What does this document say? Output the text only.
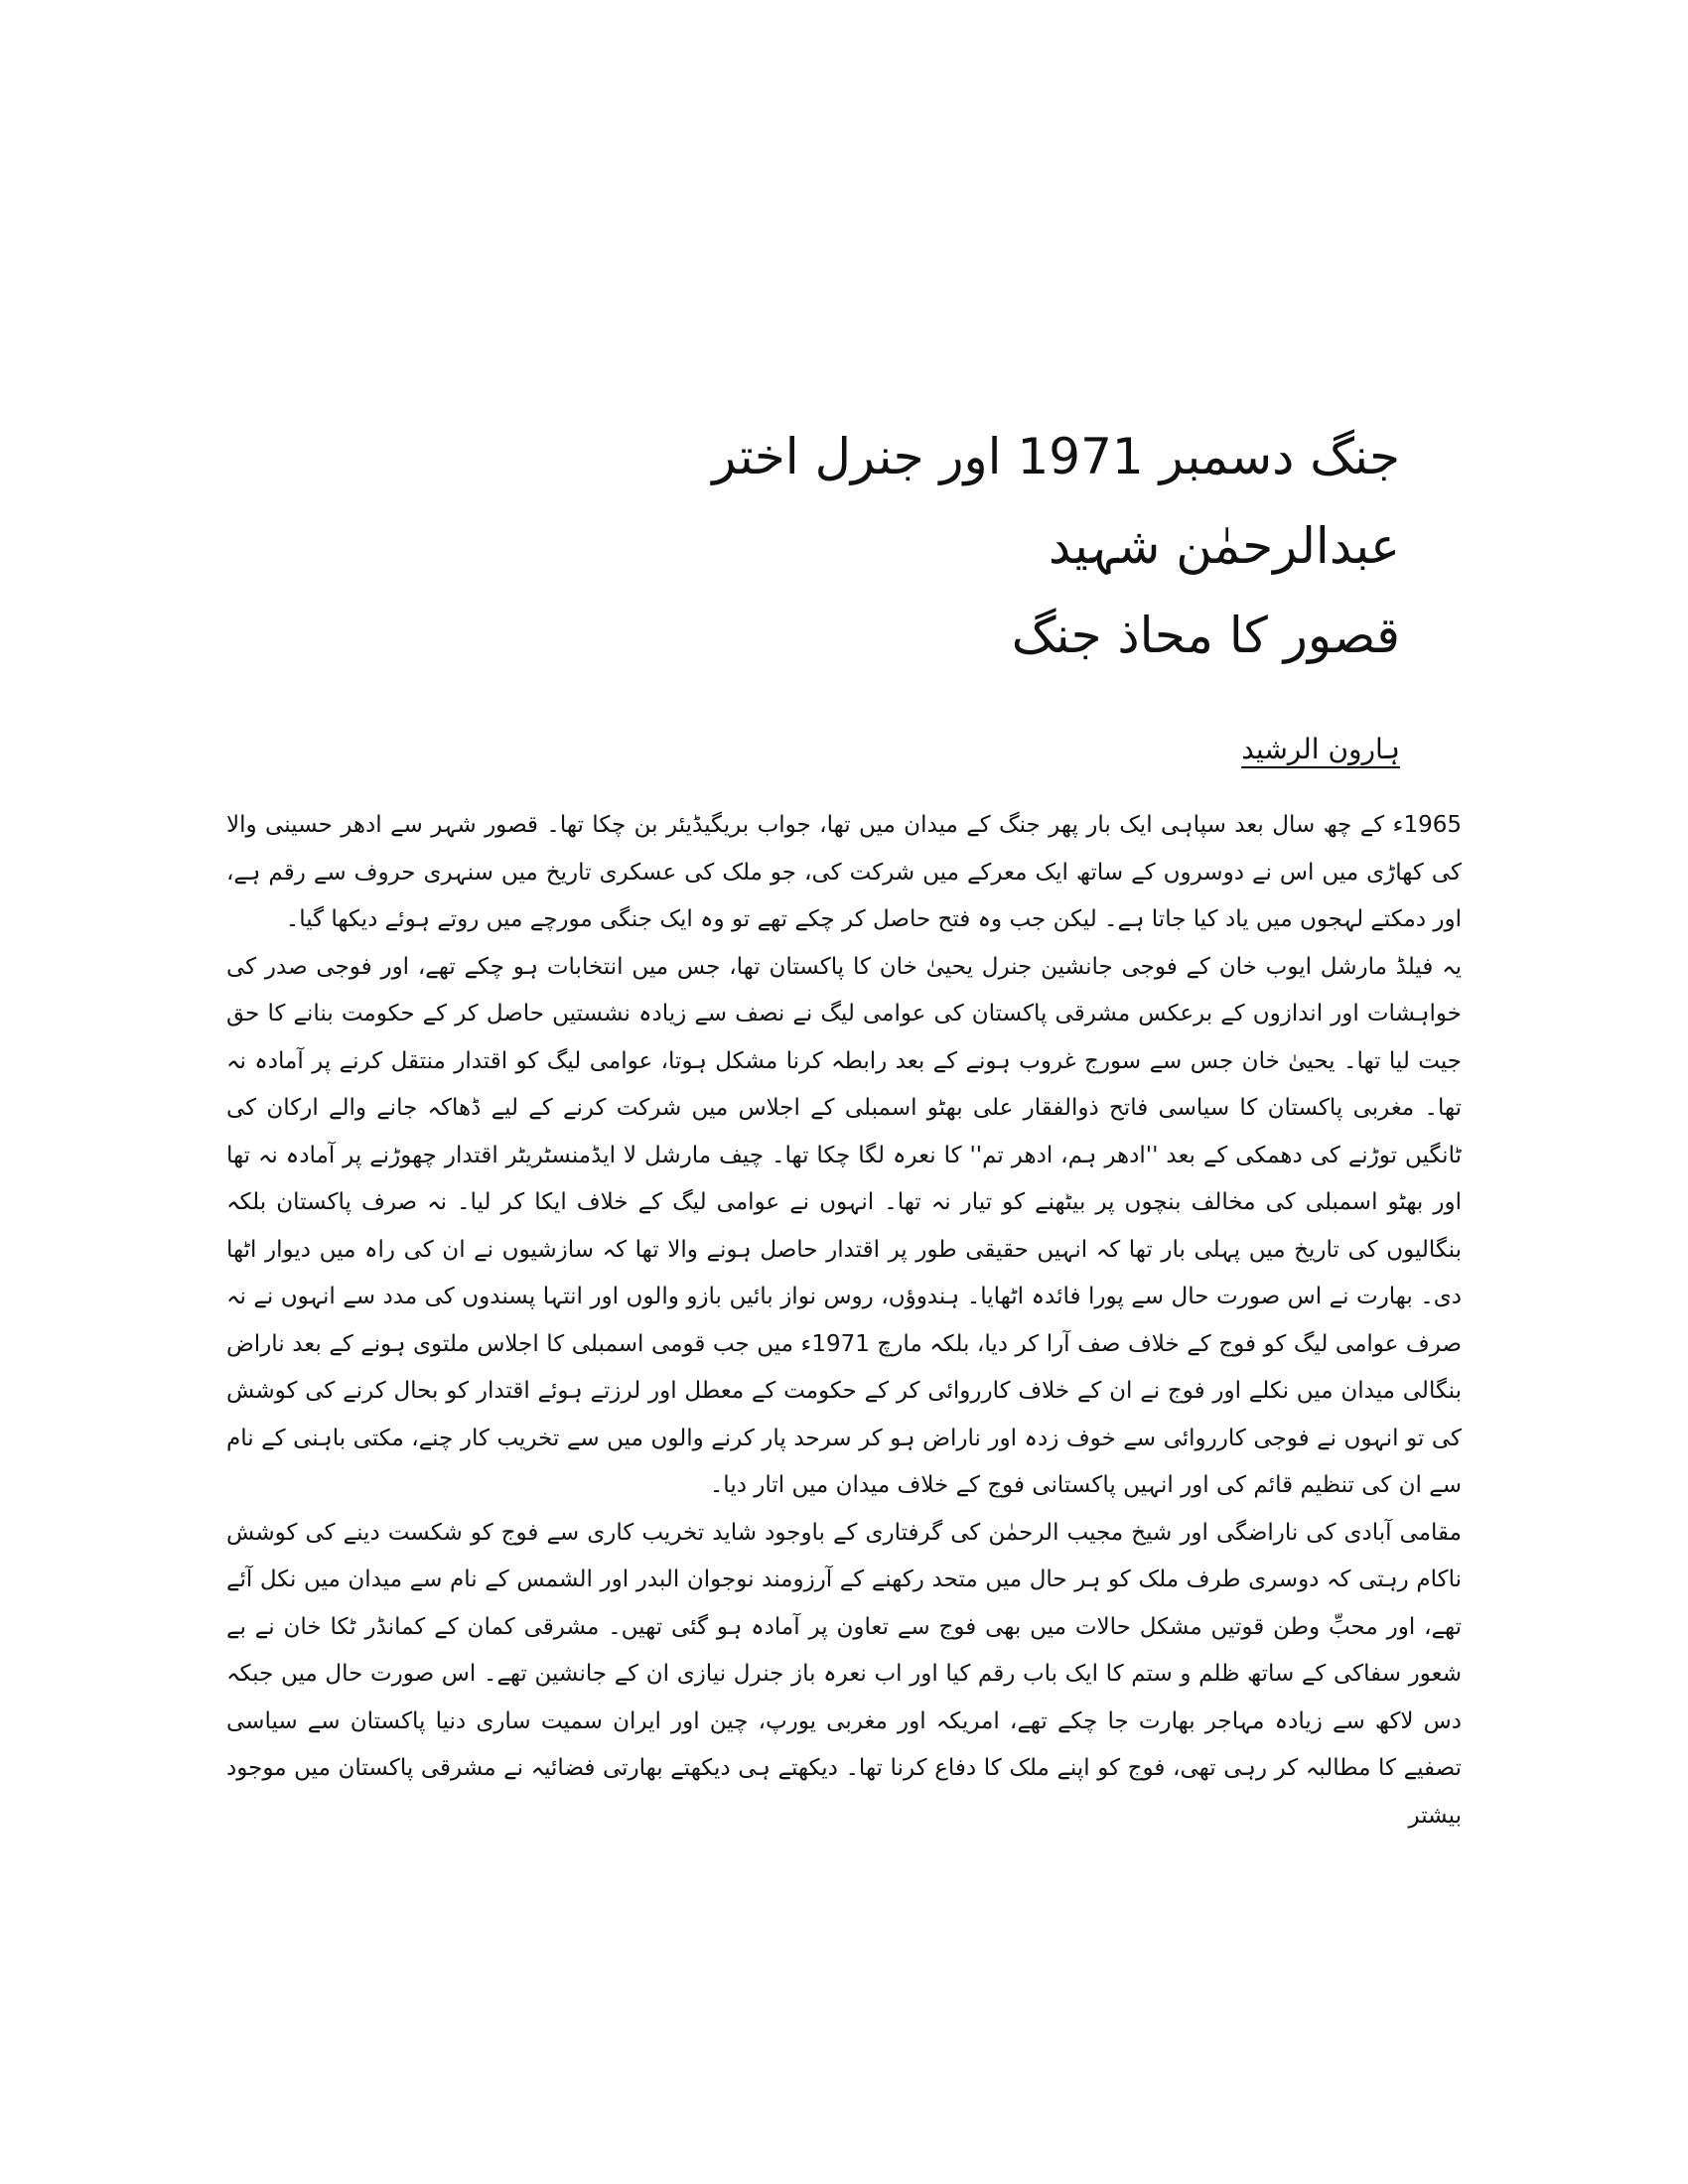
جنگ دسمبر 1971 اور جنرل اختر عبدالرحمٰن شہید
قصور کا محاذ جنگ
ہارون الرشید

1965ء کے چھ سال بعد سپاہی ایک بار پھر جنگ کے میدان میں تھا، جواب بریگیڈیئر بن چکا تھا۔ قصور شہر سے ادھر حسینی والا کی کھاڑی میں اس نے دوسروں کے ساتھ ایک معرکے میں شرکت کی، جو ملک کی عسکری تاریخ میں سنہری حروف سے رقم ہے، اور دمکتے لہجوں میں یاد کیا جاتا ہے۔ لیکن جب وہ فتح حاصل کر چکے تھے تو وہ ایک جنگی مورچے میں روتے ہوئے دیکھا گیا۔

یہ فیلڈ مارشل ایوب خان کے فوجی جانشین جنرل یحییٰ خان کا پاکستان تھا، جس میں انتخابات ہو چکے تھے، اور فوجی صدر کی خواہشات اور اندازوں کے برعکس مشرقی پاکستان کی عوامی لیگ نے نصف سے زیادہ نشستیں حاصل کر کے حکومت بنانے کا حق جیت لیا تھا۔ یحییٰ خان جس سے سورج غروب ہونے کے بعد رابطہ کرنا مشکل ہوتا، عوامی لیگ کو اقتدار منتقل کرنے پر آمادہ نہ تھا۔ مغربی پاکستان کا سیاسی فاتح ذوالفقار علی بھٹو اسمبلی کے اجلاس میں شرکت کرنے کے لیے ڈھاکہ جانے والے ارکان کی ٹانگیں توڑنے کی دھمکی کے بعد ''ادھر ہم، ادھر تم'' کا نعرہ لگا چکا تھا۔ چیف مارشل لا ایڈمنسٹریٹر اقتدار چھوڑنے پر آمادہ نہ تھا اور بھٹو اسمبلی کی مخالف بنچوں پر بیٹھنے کو تیار نہ تھا۔ انہوں نے عوامی لیگ کے خلاف ایکا کر لیا۔ نہ صرف پاکستان بلکہ بنگالیوں کی تاریخ میں پہلی بار تھا کہ انہیں حقیقی طور پر اقتدار حاصل ہونے والا تھا کہ سازشیوں نے ان کی راہ میں دیوار اٹھا دی۔ بھارت نے اس صورت حال سے پورا فائدہ اٹھایا۔ ہندوؤں، روس نواز بائیں بازو والوں اور انتہا پسندوں کی مدد سے انہوں نے نہ صرف عوامی لیگ کو فوج کے خلاف صف آرا کر دیا، بلکہ مارچ 1971ء میں جب قومی اسمبلی کا اجلاس ملتوی ہونے کے بعد ناراض بنگالی میدان میں نکلے اور فوج نے ان کے خلاف کارروائی کر کے حکومت کے معطل اور لرزتے ہوئے اقتدار کو بحال کرنے کی کوشش کی تو انہوں نے فوجی کارروائی سے خوف زدہ اور ناراض ہو کر سرحد پار کرنے والوں میں سے تخریب کار چنے، مکتی باہنی کے نام سے ان کی تنظیم قائم کی اور انہیں پاکستانی فوج کے خلاف میدان میں اتار دیا۔

مقامی آبادی کی ناراضگی اور شیخ مجیب الرحمٰن کی گرفتاری کے باوجود شاید تخریب کاری سے فوج کو شکست دینے کی کوشش ناکام رہتی کہ دوسری طرف ملک کو ہر حال میں متحد رکھنے کے آرزومند نوجوان البدر اور الشمس کے نام سے میدان میں نکل آئے تھے، اور محبِّ وطن قوتیں مشکل حالات میں بھی فوج سے تعاون پر آمادہ ہو گئی تھیں۔ مشرقی کمان کے کمانڈر ٹکا خان نے بے شعور سفاکی کے ساتھ ظلم و ستم کا ایک باب رقم کیا اور اب نعرہ باز جنرل نیازی ان کے جانشین تھے۔ اس صورت حال میں جبکہ دس لاکھ سے زیادہ مہاجر بھارت جا چکے تھے، امریکہ اور مغربی یورپ، چین اور ایران سمیت ساری دنیا پاکستان سے سیاسی تصفیے کا مطالبہ کر رہی تھی، فوج کو اپنے ملک کا دفاع کرنا تھا۔ دیکھتے ہی دیکھتے بھارتی فضائیہ نے مشرقی پاکستان میں موجود بیشتر
